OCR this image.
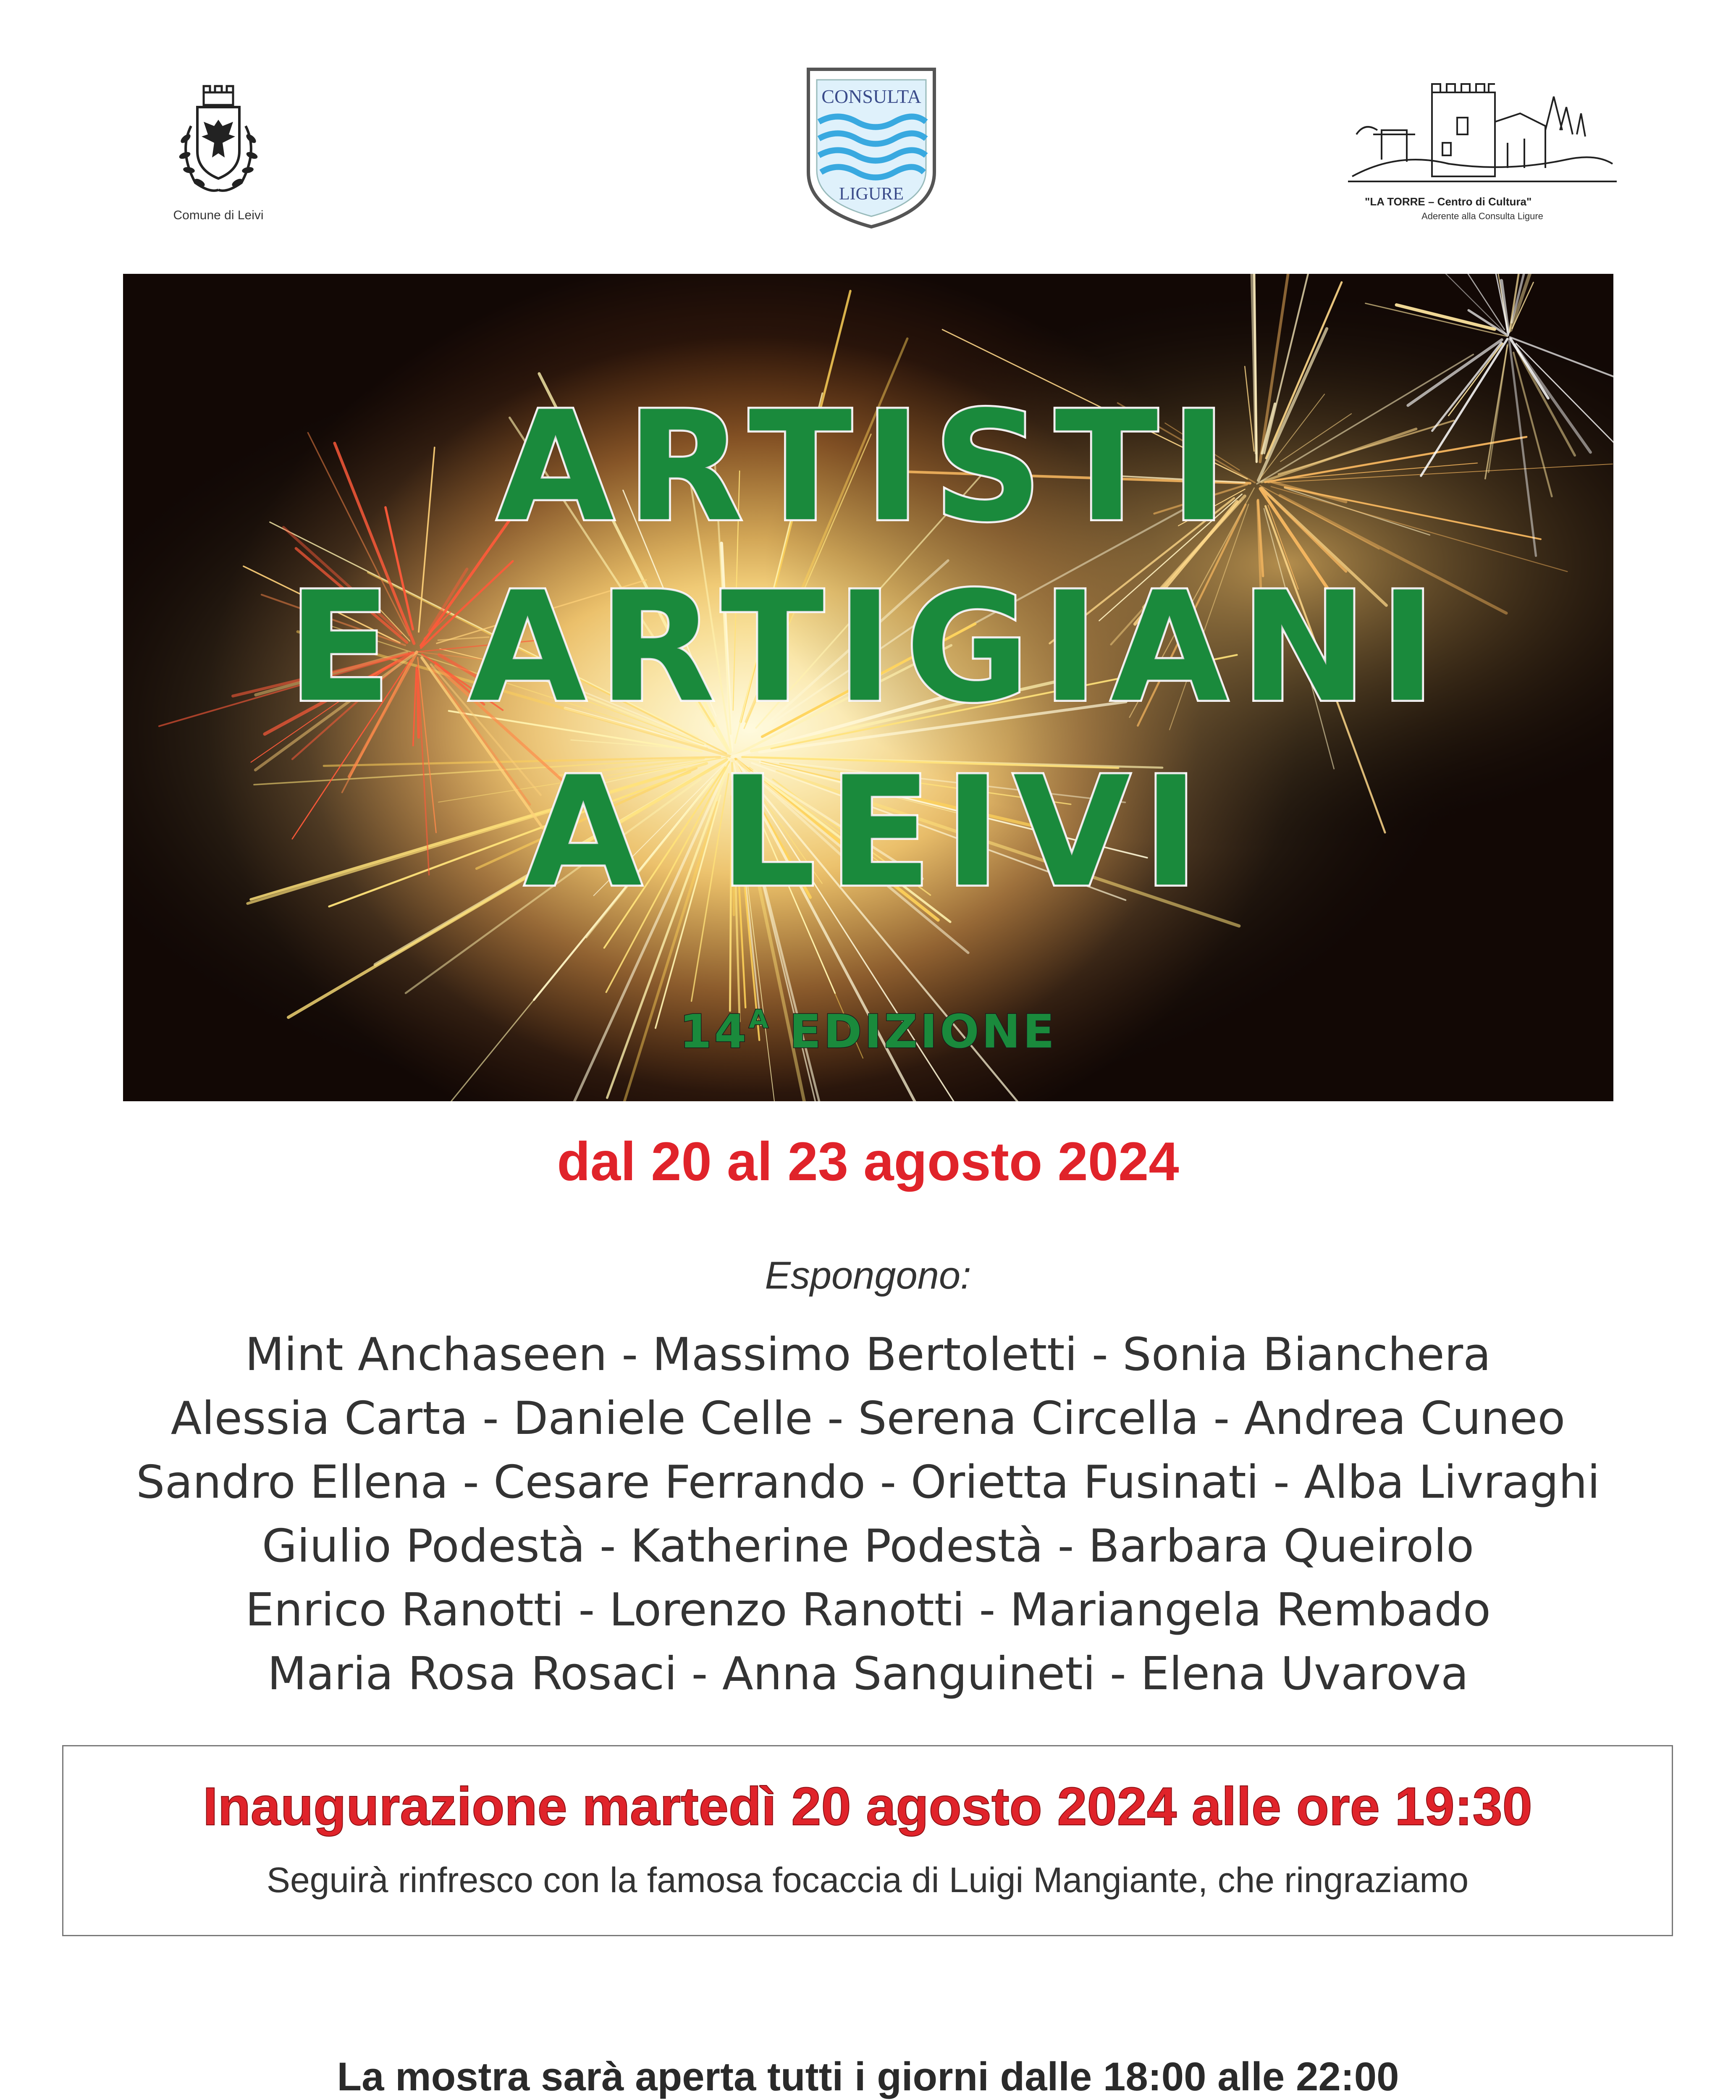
Comune di Leivi
CONSULTA
LIGURE	"LA TORRE – Centro di Cultura"
Aderente alla Consulta Ligure
ARTISTI
E ARTIGIANI
A LEIVI
$14^A$ EDIZIONE
dal 20 al 23 agosto 2024
Espongono:
Mint Anchaseen - Massimo Bertoletti - Sonia Bianchera
Alessia Carta - Daniele Celle - Serena Circella - Andrea Cuneo
Sandro Ellena - Cesare Ferrando - Orietta Fusinati - Alba Livraghi
Giulio Podestà - Katherine Podestà - Barbara Queirolo
Enrico Ranotti - Lorenzo Ranotti - Mariangela Rembado
Maria Rosa Rosaci - Anna Sanguineti - Elena Uvarova
Inaugurazione martedì 20 agosto 2024 alle ore 19:30
Seguirà rinfresco con la famosa focaccia di Luigi Mangiante, che ringraziamo
La mostra sarà aperta tutti i giorni dalle 18:00 alle 22:00
